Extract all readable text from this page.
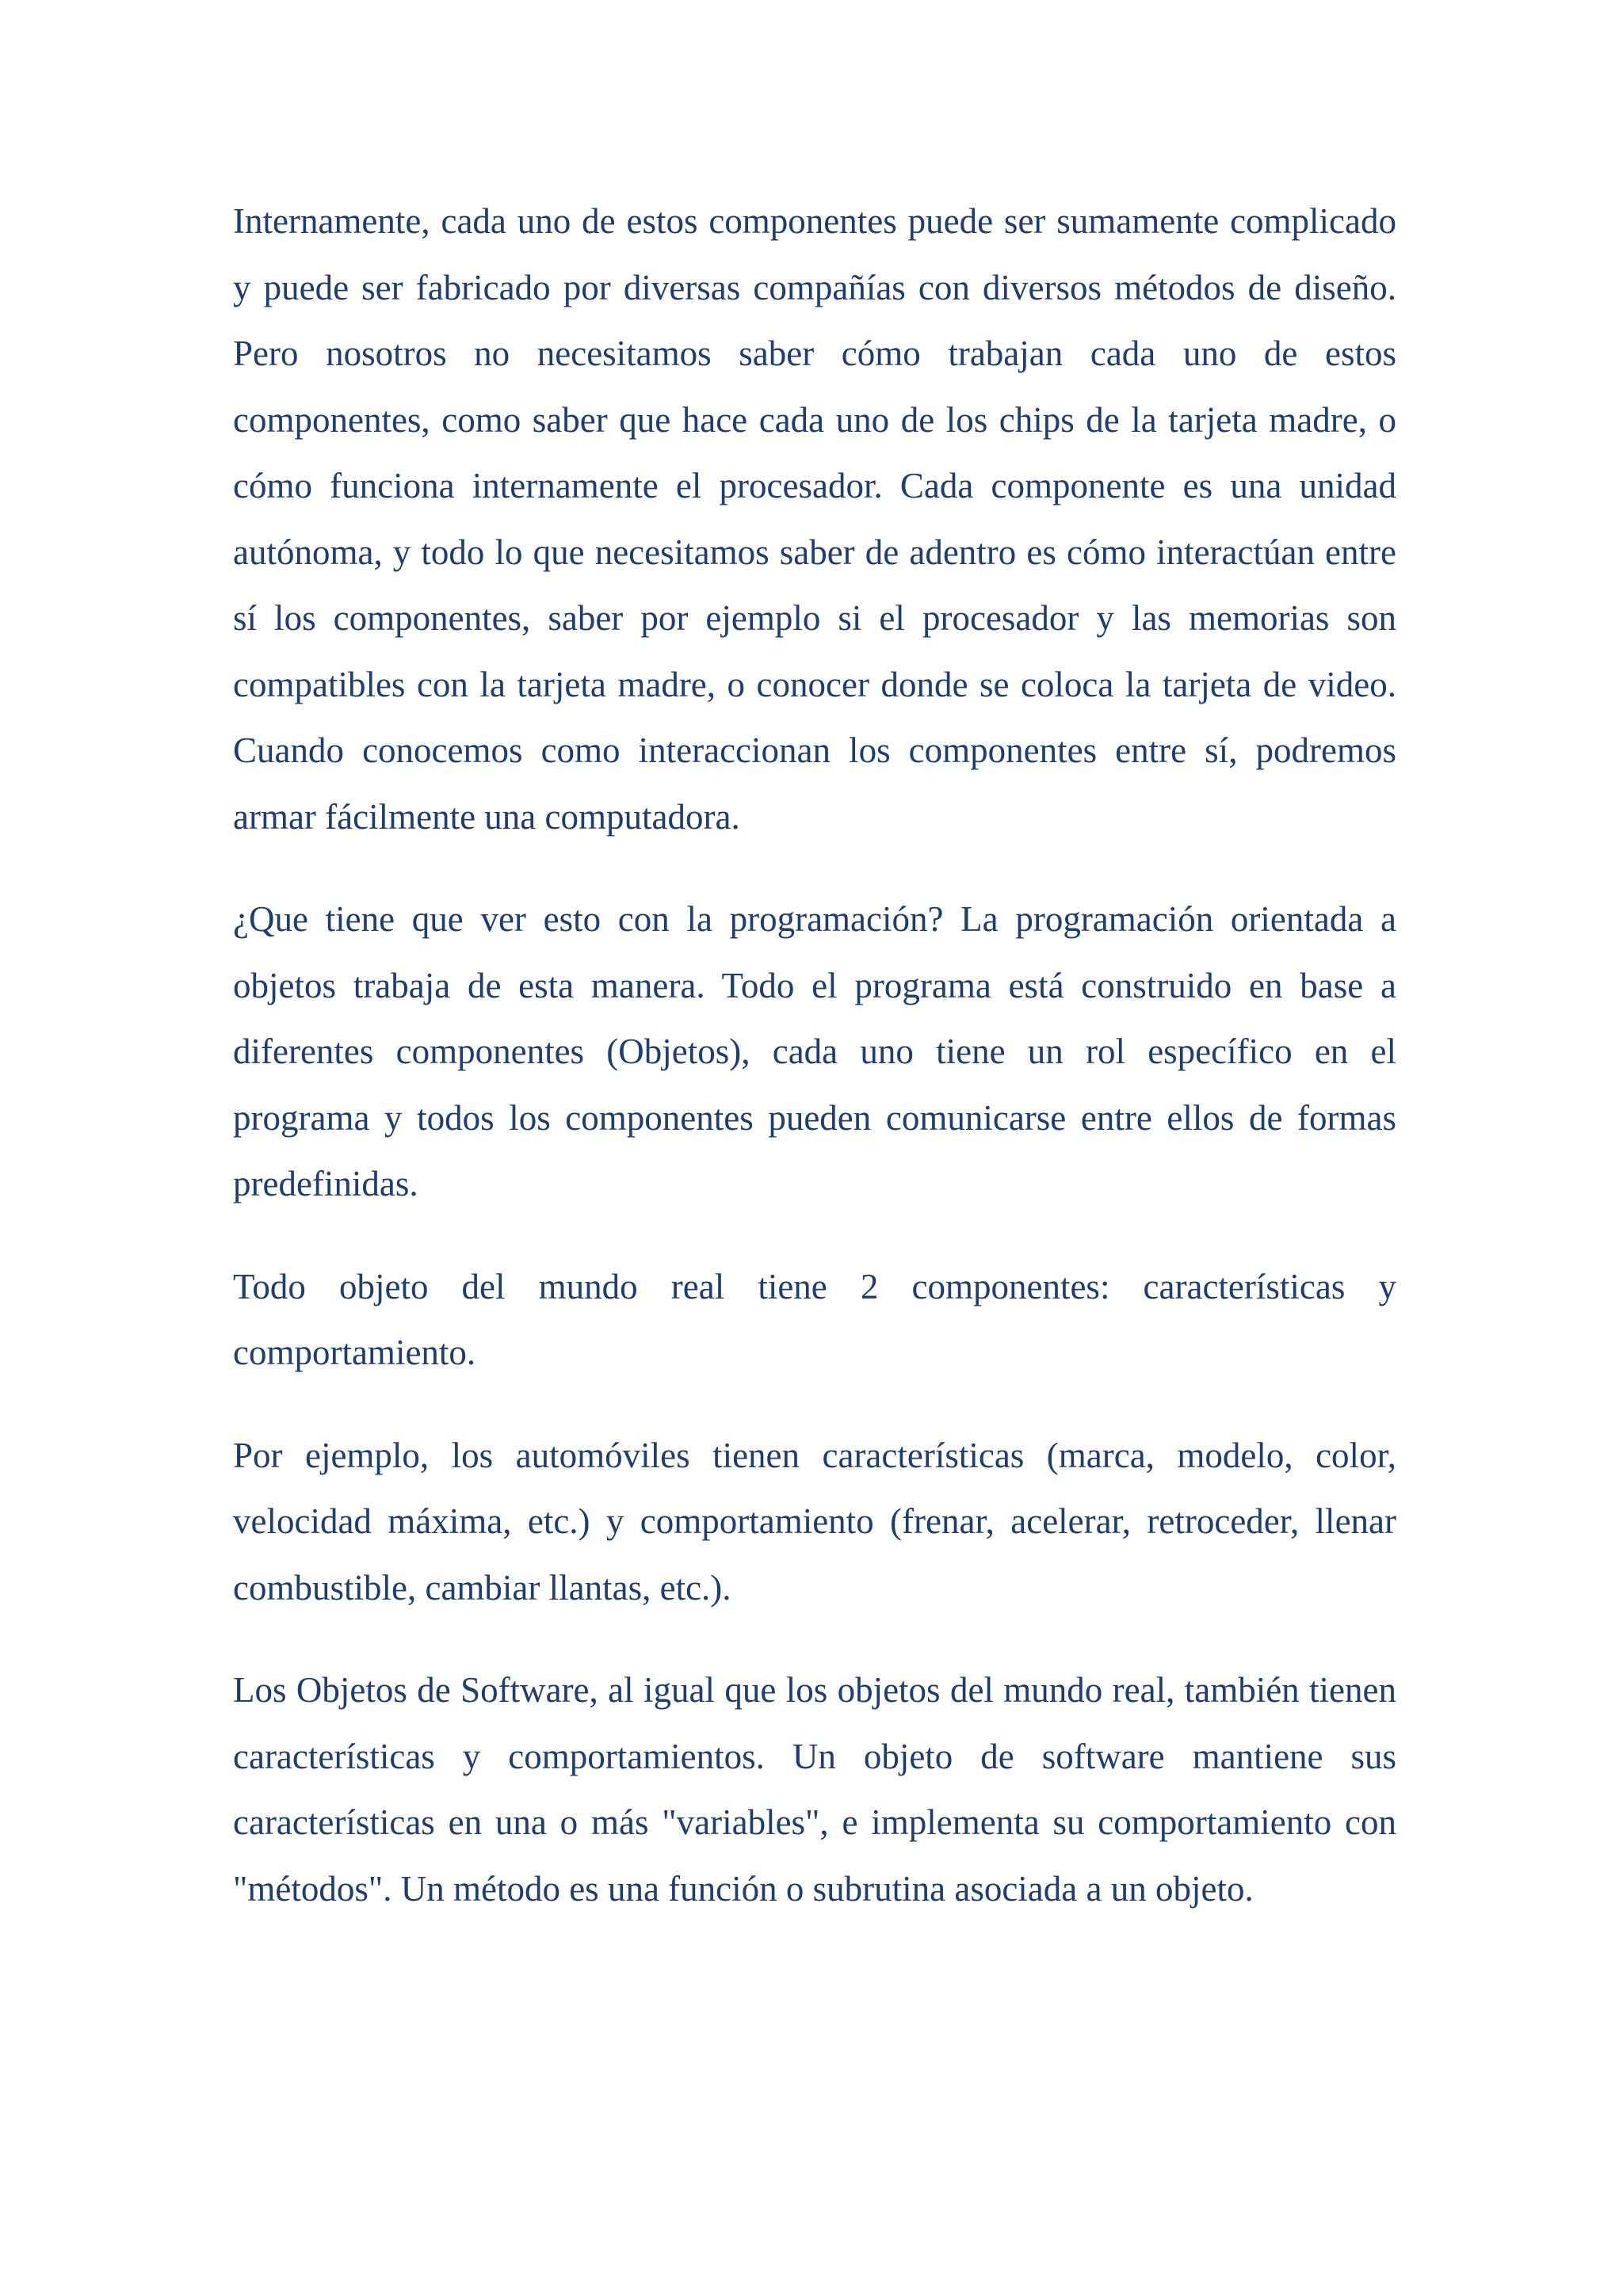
Internamente, cada uno de estos componentes puede ser sumamente complicado y puede ser fabricado por diversas compañías con diversos métodos de diseño. Pero nosotros no necesitamos saber cómo trabajan cada uno de estos componentes, como saber que hace cada uno de los chips de la tarjeta madre, o cómo funciona internamente el procesador. Cada componente es una unidad autónoma, y todo lo que necesitamos saber de adentro es cómo interactúan entre sí los componentes, saber por ejemplo si el procesador y las memorias son compatibles con la tarjeta madre, o conocer donde se coloca la tarjeta de video. Cuando conocemos como interaccionan los componentes entre sí, podremos armar fácilmente una computadora.

¿Que tiene que ver esto con la programación? La programación orientada a objetos trabaja de esta manera. Todo el programa está construido en base a diferentes componentes (Objetos), cada uno tiene un rol específico en el programa y todos los componentes pueden comunicarse entre ellos de formas predefinidas.

Todo objeto del mundo real tiene 2 componentes: características y comportamiento.

Por ejemplo, los automóviles tienen características (marca, modelo, color, velocidad máxima, etc.) y comportamiento (frenar, acelerar, retroceder, llenar combustible, cambiar llantas, etc.).

Los Objetos de Software, al igual que los objetos del mundo real, también tienen características y comportamientos. Un objeto de software mantiene sus características en una o más "variables", e implementa su comportamiento con "métodos". Un método es una función o subrutina asociada a un objeto.
